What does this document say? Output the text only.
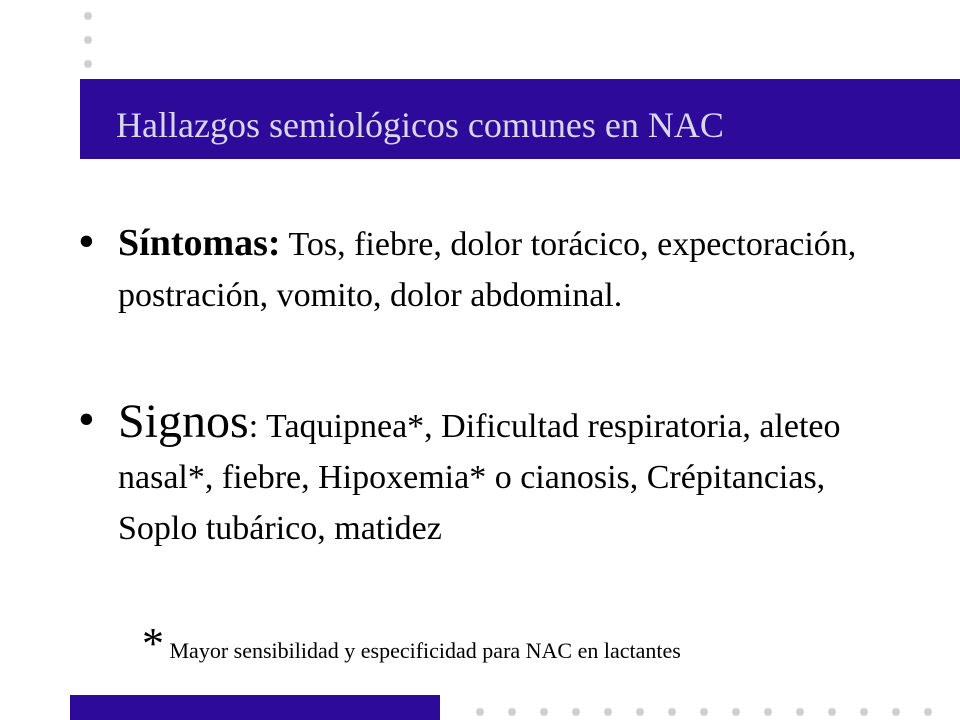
Hallazgos semiológicos comunes en NAC
• Síntomas: Tos, fiebre, dolor torácico, expectoración, postración, vomito, dolor abdominal.
• Signos: Taquipnea*, Dificultad respiratoria, aleteo nasal*, fiebre, Hipoxemia* o cianosis, Crépitancias, Soplo tubárico, matidez

* Mayor sensibilidad y especificidad para NAC en lactantes
